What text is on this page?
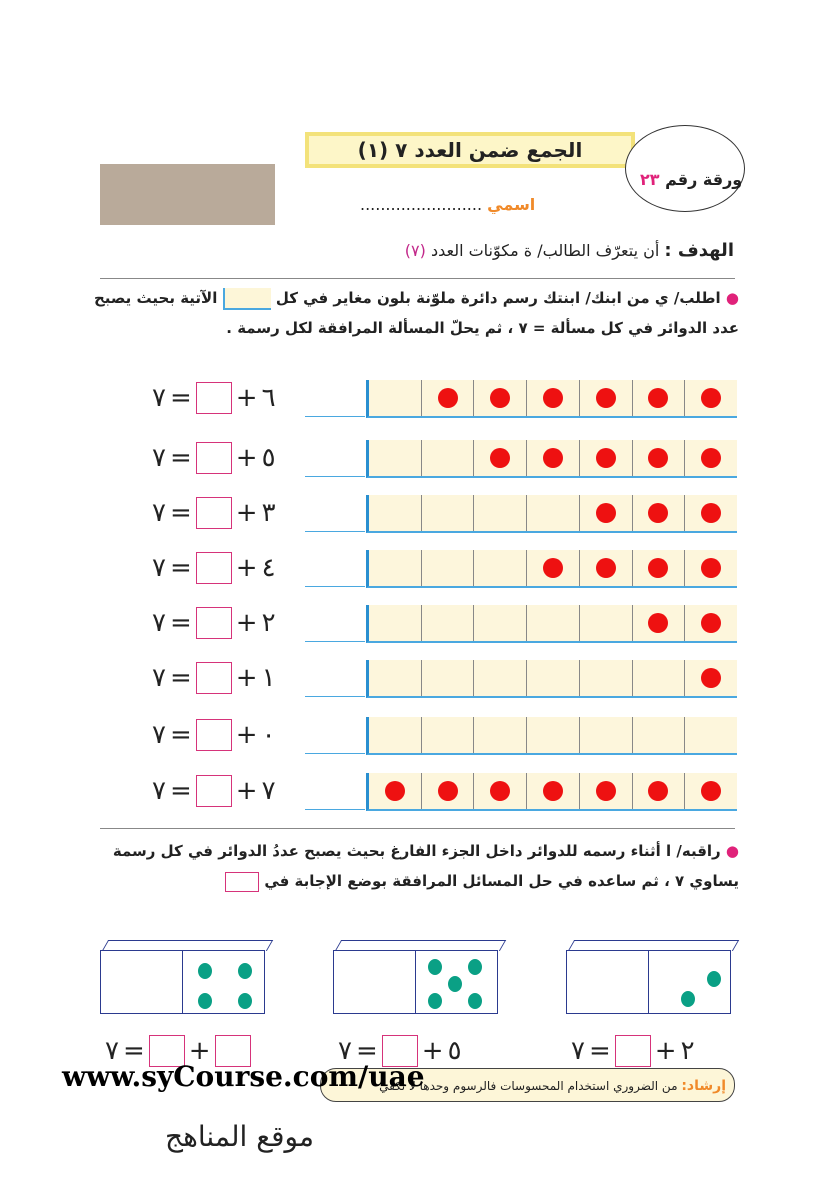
الجمع ضمن العدد ٧ (١)
ورقة رقم ٢٣
اسمي ........................
الهدف : أن يتعرّف الطالب/ ة مكوّنات العدد (٧)
● اطلب/ ي من ابنك/ ابنتك رسم دائرة ملوّنة بلون مغاير في كل  الآتية بحيث يصبح
عدد الدوائر في كل مسألة = ٧ ، ثم يحلّ المسألة المرافقة لكل رسمة .
٧ = + ٦
٧ = + ٥
٧ = + ٣
٧ = + ٤
٧ = + ٢
٧ = + ١
٧ = + ٠
٧ = + ٧
● راقبه/ ا أثناء رسمه للدوائر داخل الجزء الفارغ بحيث يصبح عددُ الدوائر في كل رسمة
يساوي ٧ ، ثم ساعده في حل المسائل المرافقة بوضع الإجابة في
٧ = +	٧ = + ٥	٧ = + ٢
إرشاد: من الضروري استخدام المحسوسات فالرسوم وحدها لا تكفي
www.syCourse.com/uae
موقع المناهج
